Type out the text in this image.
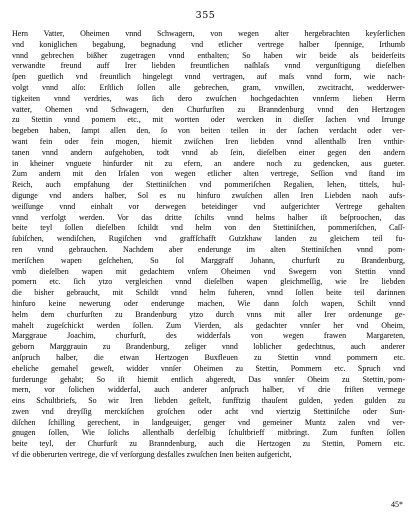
355
Hern Vatter, Oheimen vnnd Schwagern, von wegen alter hergebrachten keyſerlichen
vnd koniglichen begabung, begnadung vnd etlicher vertrege halber ſpennige, Irthumb
vnnd gebrechen bißher zugetragen vnnd enthalten; So haben wir beide als beiderſeits
verwandte freund auff Irer liebden freuntlichen naſhlaſs vnnd vergunſtigung dieſelben
ſpen guetlich vnd freuntlich hingelegt vnnd vertragen, auf maſs vnnd form, wie nach-
volgt vnnd alſo: Erſtlich ſollen alle gebrechen, gram, vnwillen, zwcitracht, wedderwer-
tigkeiten vnnd verdries, was ſich dero zwuſchen hochgedachten vnnſerm lieben Herrn
vatter, Ohemen vnd Schwagern, den Churfurſten zu Branndenburg vnnd den Hertzogen
zu Stettin vnnd pomern etc., mit wortten oder wercken in dieſſer ſachen vnd Irrunge
begeben haben, ſampt allen den, ſo von beiten teilen in der ſachen verdacht oder ver-
want fein oder fein mogen, hiemit zwiſchen Iren liebden vnnd allenthalb Iren vnthir-
tanen vnnd andern aufgehoben, todt vnnd ab ſein, dieſelben einer gegen den andern
in kheiner vnguete hinfurder nit zu efern, an andere noch zu gedencken, aus gueter.
Zum andern mit den Irſalen von wegen etlicher alten vertrege, Seſſion vnd ſtand im
Reich, auch empfahung der Stettiniſchen vnd pommeriſchen Regalien, lehen, tittels, hul-
digunge vnd anders halber, Sol es nu hinfuro zwuſchen allen Iren Liebden naoh aufs-
weiſſunge vnnd einhalt vor derwegen beteidinger vnd aufgerichter Vertrege gehalten
vnnd verfolgt werden. Vor das dritte ſchilts vnnd helms halber iſt beſproochen, das
beite teyl ſollen dieſelben ſchildt vnd helm von den Stettiniſchen, pommeriſchen, Caſſ-
ſubiſchen, wendiſchen, Rugiſchen vnd graffſchafft Gutzkhaw landen zu gleichem teil fu-
ren vnnd gebrauchen. Nachdem aber enderunge im alten Stettiniſchen vnnd pom-
meriſchen wapen geſchehen, So ſol Marggraff Johann, churfurſt zu Brandenburg,
vmb dieſelben wapen mit gedachtem vnſern Oheimen vnd Swegern von Stettin vnnd
pomern etc. ſich ytzo vergleichen vnnd dieſelben wapen gleichmeſſig, wie Ire liebden
die bisher gebraucht, mit Schildt vnnd helm fuheren, vnnd ſollen beite teil darinnen
hinfuro keine newerung oder enderunge machen, Wie dann ſolch wapen, Schilt vnnd
helm dem churfurſten zu Brandenburg ytzo durch vnns mit aller Irer ordenunge ge-
mahelt zugeſchickt werden ſollen. Zum Vierden, als gedachter vnnſer her vnd Oheim,
Marggraue Joachim, churfurſt, des widderfals von wegen frawen Margareten,
geborn Marggrauin zu Brandenburg, zeliger vnnd loblicher gedechtnus, auch anderer
anſpruch halber, die etwan Hertzogen Buxfleuen zu Stettin vnnd pommern etc.
eheliche gemahel geweſt, widder vnnſer Oheimen zu Stettin, Pommern etc. Spruch vnd
furderunge gehabt; So iſt hiemit entlich abgeredt, Das vnnſer Oheim zu Stettin,·pom-
mern, vor ſolichen widderfal, auch anderer anſpruch halber, vf drie friſten vermege
eins Schultbriefs, So wir Iren liebden geſtelt, funfftzig thauſent gulden, yeden gulden zu
zwen vnd dreyſſig merckiſchen groſchen oder acht vnd viertzig Stettiniſche oder Sun-
diſchen ſchilling gerechent, in landgeuiger, genger vnd gemeiner Muntz zalen vnd ver-
gnugen ſollen, Wie ſolichs allenthalb derſelbig ſchultbrieff mitbringt. Zum funften ſollen
beite teyl, der Churfurſt zu Branndenburg, auch die Hertzogen zu Stettin, Pomern etc.
vf die obberurten vertrege, die vf verſorgung desfalles zwuſchen Inen beiten aufgericht,
45*
